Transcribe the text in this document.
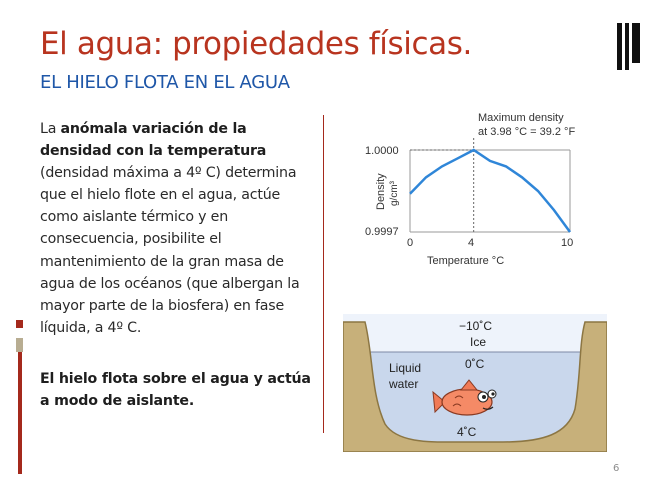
El agua: propiedades físicas.
EL HIELO FLOTA EN EL AGUA
La anómala variación de la densidad con la temperatura (densidad máxima a 4º C) determina que el hielo flote en el agua, actúe como aislante térmico y en consecuencia, posibilite el mantenimiento de la gran masa de agua de los océanos (que albergan la mayor parte de la biosfera) en fase líquida, a 4º C.
El hielo flota sobre el agua y actúa a modo de aislante.
Maximum density
at 3.98 °C = 39.2 °F
1.0000
0.9997
Density g/cm³
0	4	10
Temperature °C
−10˚C
Ice
0˚C
Liquid
water
4˚C
6
